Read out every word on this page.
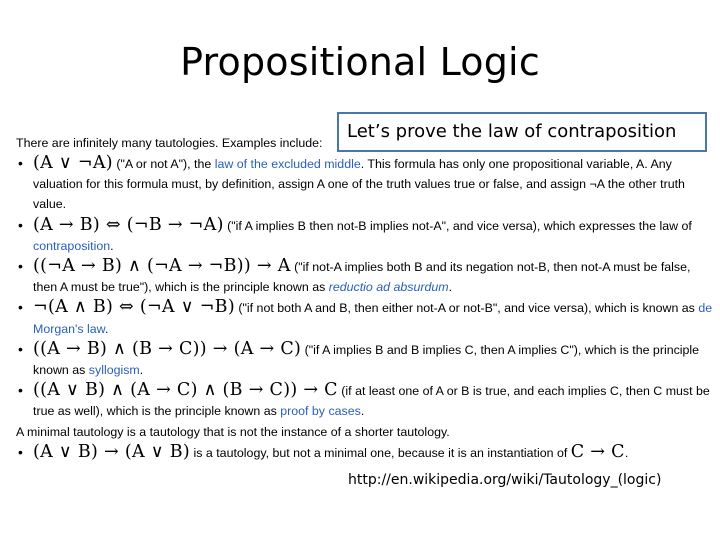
Propositional Logic

There are infinitely many tautologies. Examples include:

• (A ∨ ¬A) ("A or not A"), the law of the excluded middle. This formula has only one propositional variable, A. Any valuation for this formula must, by definition, assign A one of the truth values true or false, and assign ¬A the other truth value.
• (A → B) ⇔ (¬B → ¬A) ("if A implies B then not-B implies not-A", and vice versa), which expresses the law of contraposition.
• ((¬A → B) ∧ (¬A → ¬B)) → A ("if not-A implies both B and its negation not-B, then not-A must be false, then A must be true"), which is the principle known as reductio ad absurdum.
• ¬(A ∧ B) ⇔ (¬A ∨ ¬B) ("if not both A and B, then either not-A or not-B", and vice versa), which is known as de Morgan's law.
• ((A → B) ∧ (B → C)) → (A → C) ("if A implies B and B implies C, then A implies C"), which is the principle known as syllogism.
• ((A ∨ B) ∧ (A → C) ∧ (B → C)) → C (if at least one of A or B is true, and each implies C, then C must be true as well), which is the principle known as proof by cases.

A minimal tautology is a tautology that is not the instance of a shorter tautology.

• (A ∨ B) → (A ∨ B) is a tautology, but not a minimal one, because it is an instantiation of C → C.
Let’s prove the law of contraposition
http://en.wikipedia.org/wiki/Tautology_(logic)
